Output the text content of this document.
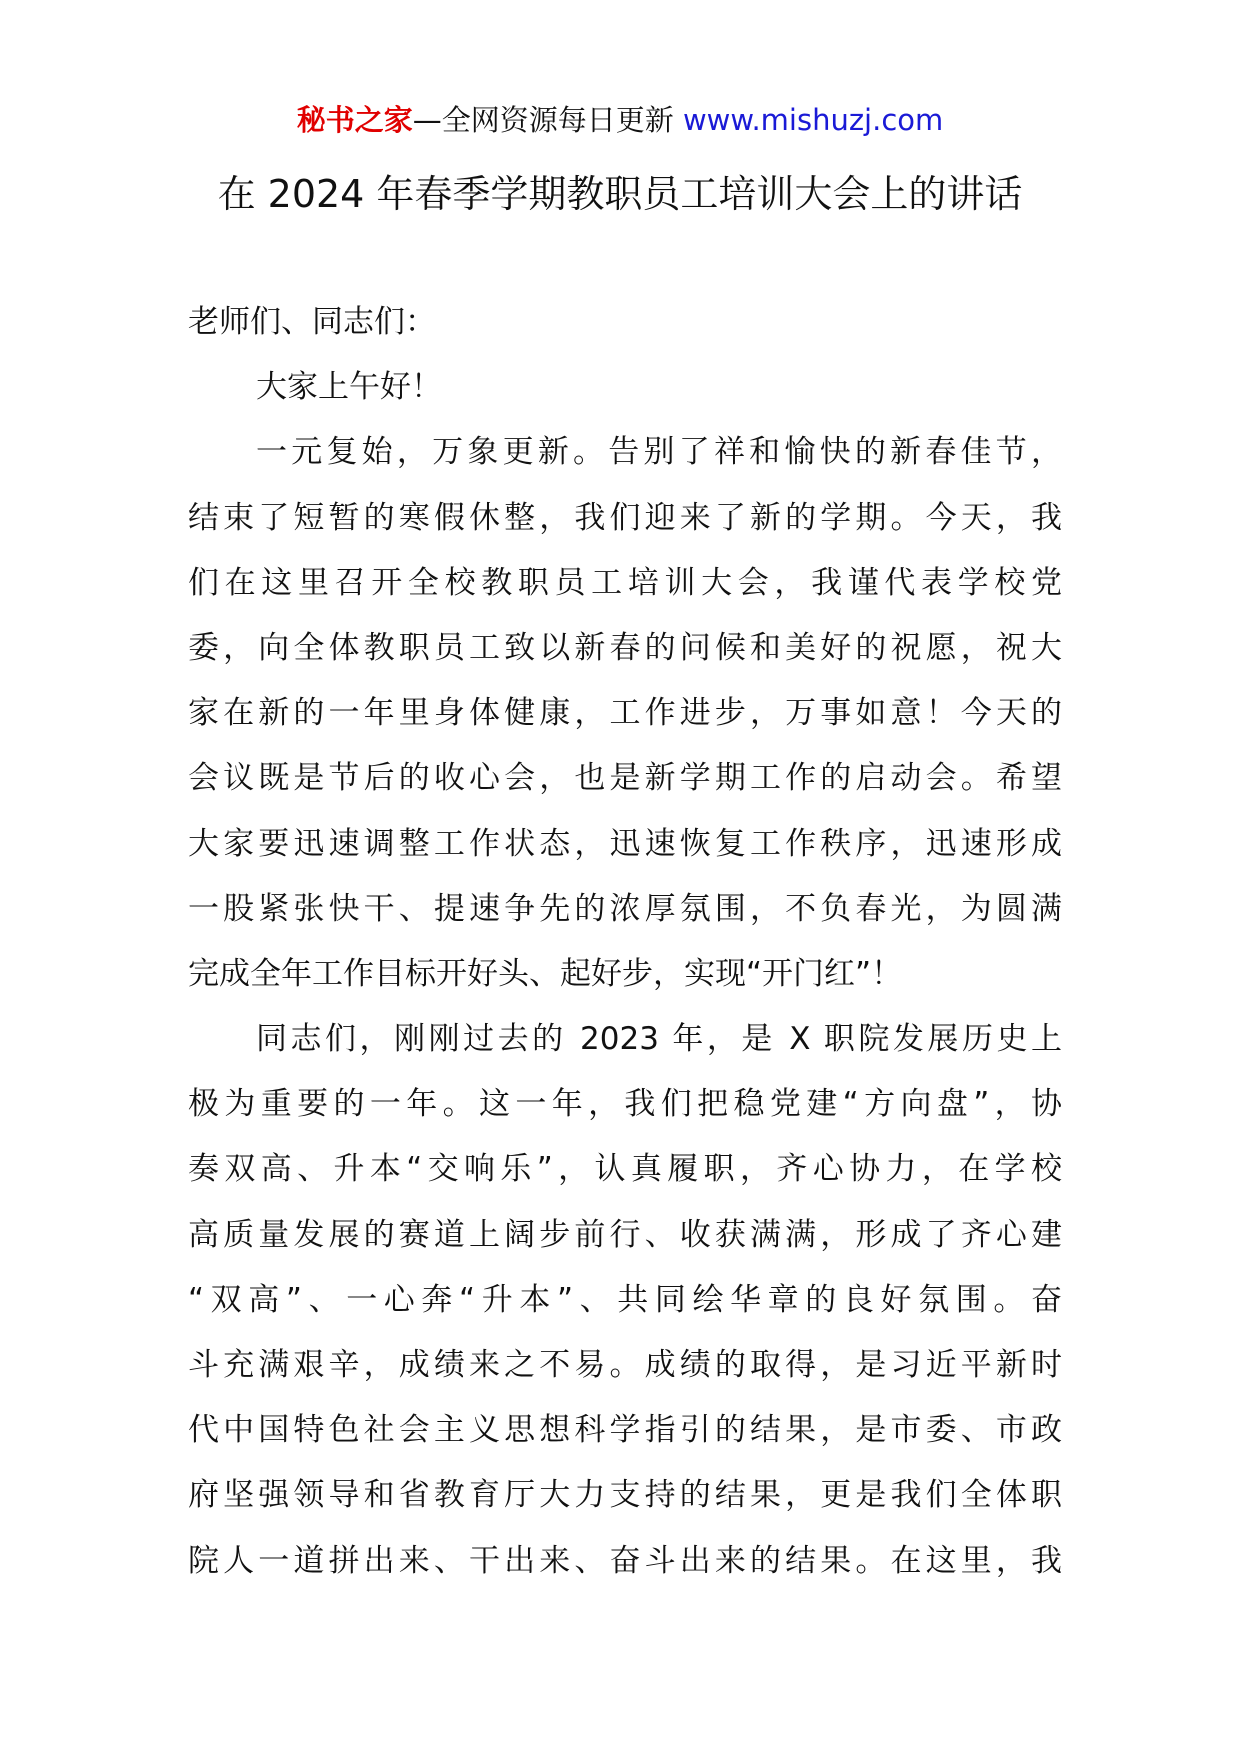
秘书之家—全网资源每日更新 www.mishuzj.com
在 2024 年春季学期教职员工培训大会上的讲话
老师们、同志们：
大家上午好！
一元复始，万象更新。告别了祥和愉快的新春佳节，
结束了短暂的寒假休整，我们迎来了新的学期。今天，我
们在这里召开全校教职员工培训大会，我谨代表学校党
委，向全体教职员工致以新春的问候和美好的祝愿，祝大
家在新的一年里身体健康，工作进步，万事如意！今天的
会议既是节后的收心会，也是新学期工作的启动会。希望
大家要迅速调整工作状态，迅速恢复工作秩序，迅速形成
一股紧张快干、提速争先的浓厚氛围，不负春光，为圆满
完成全年工作目标开好头、起好步，实现“开门红”！
同志们，刚刚过去的 2023 年，是 X 职院发展历史上
极为重要的一年。这一年，我们把稳党建“方向盘”，协
奏双高、升本“交响乐”，认真履职，齐心协力，在学校
高质量发展的赛道上阔步前行、收获满满，形成了齐心建
“双高”、一心奔“升本”、共同绘华章的良好氛围。奋
斗充满艰辛，成绩来之不易。成绩的取得，是习近平新时
代中国特色社会主义思想科学指引的结果，是市委、市政
府坚强领导和省教育厅大力支持的结果，更是我们全体职
院人一道拼出来、干出来、奋斗出来的结果。在这里，我
